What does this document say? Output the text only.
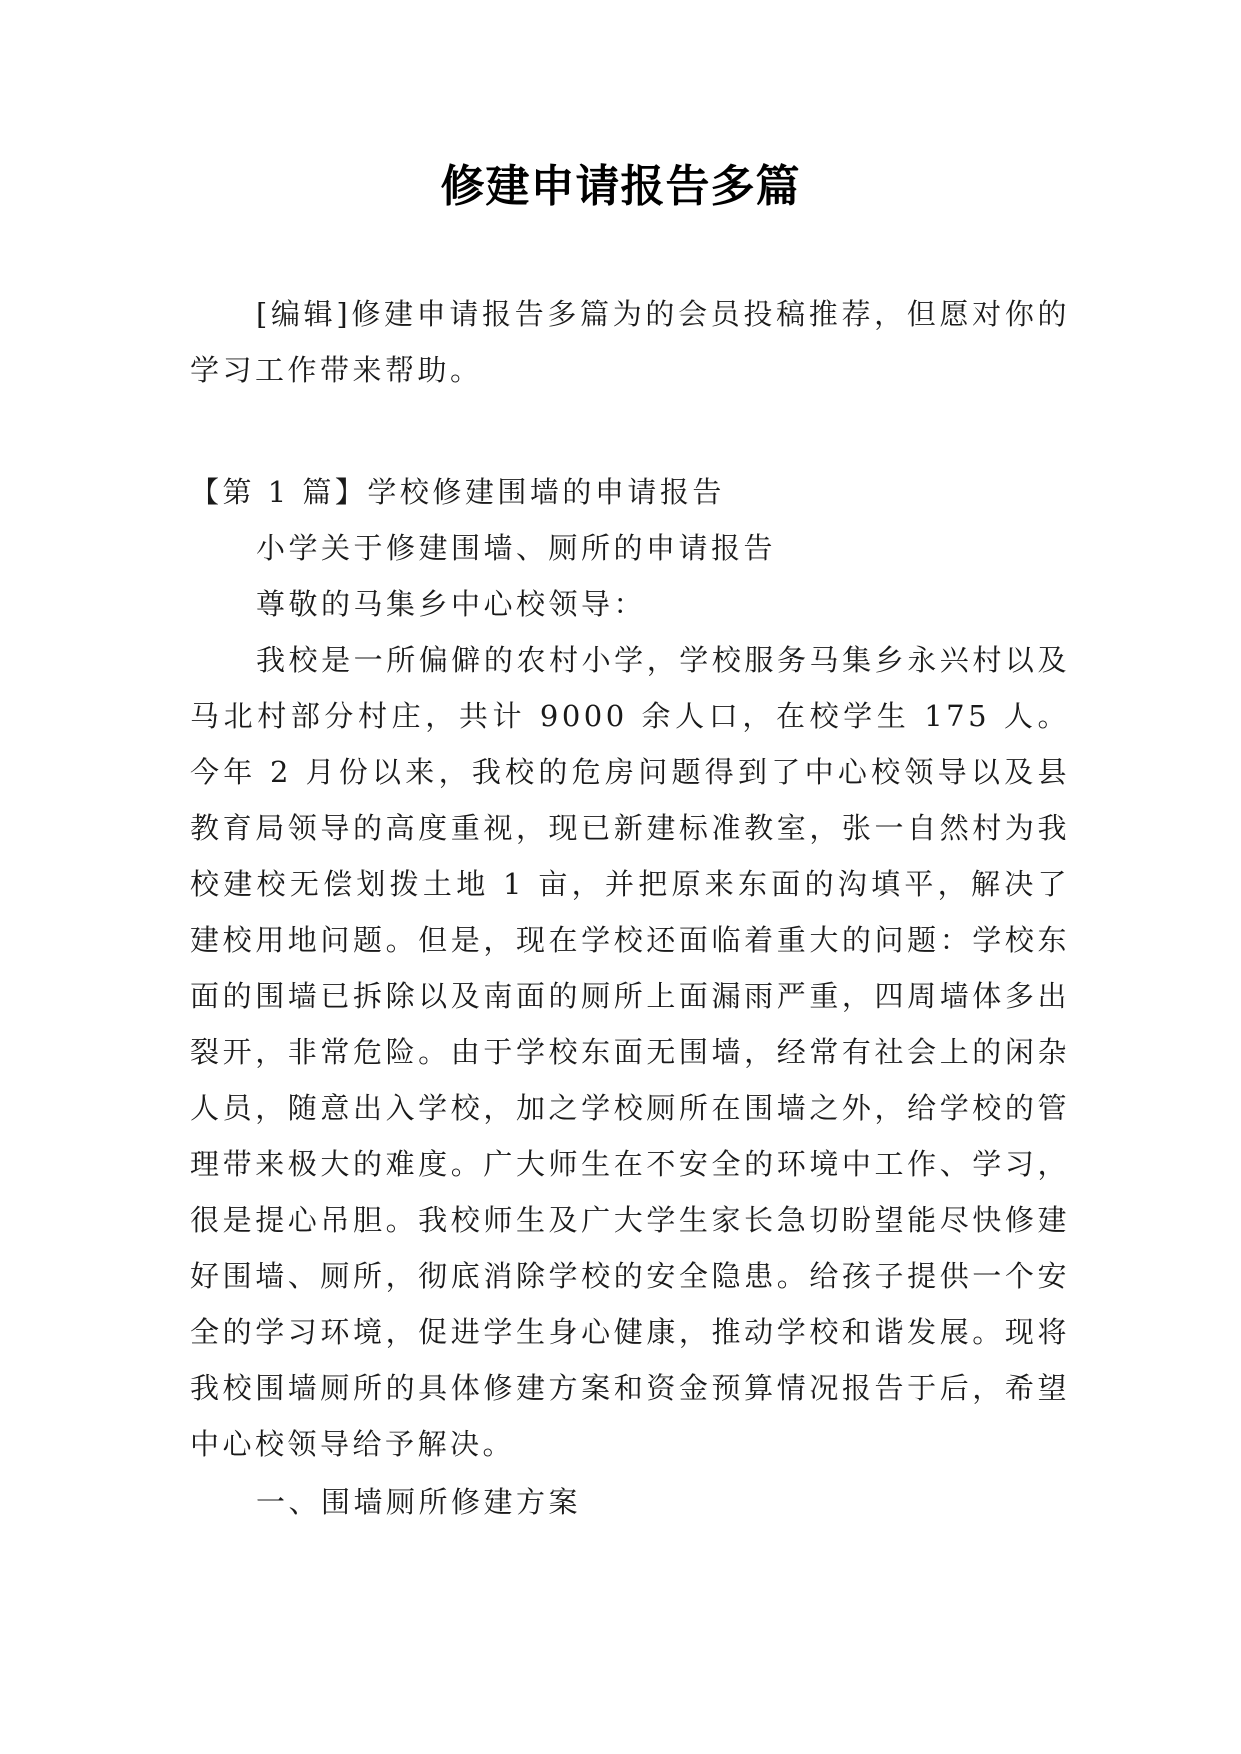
修建申请报告多篇

[编辑]修建申请报告多篇为的会员投稿推荐，但愿对你的学习工作带来帮助。

【第 1 篇】学校修建围墙的申请报告

小学关于修建围墙、厕所的申请报告

尊敬的马集乡中心校领导：

我校是一所偏僻的农村小学，学校服务马集乡永兴村以及马北村部分村庄，共计 9000 余人口，在校学生 175 人。今年 2 月份以来，我校的危房问题得到了中心校领导以及县教育局领导的高度重视，现已新建标准教室，张一自然村为我校建校无偿划拨土地 1 亩，并把原来东面的沟填平，解决了建校用地问题。但是，现在学校还面临着重大的问题：学校东面的围墙已拆除以及南面的厕所上面漏雨严重，四周墙体多出裂开，非常危险。由于学校东面无围墙，经常有社会上的闲杂人员，随意出入学校，加之学校厕所在围墙之外，给学校的管理带来极大的难度。广大师生在不安全的环境中工作、学习，很是提心吊胆。我校师生及广大学生家长急切盼望能尽快修建好围墙、厕所，彻底消除学校的安全隐患。给孩子提供一个安全的学习环境，促进学生身心健康，推动学校和谐发展。现将我校围墙厕所的具体修建方案和资金预算情况报告于后，希望中心校领导给予解决。

一、围墙厕所修建方案
